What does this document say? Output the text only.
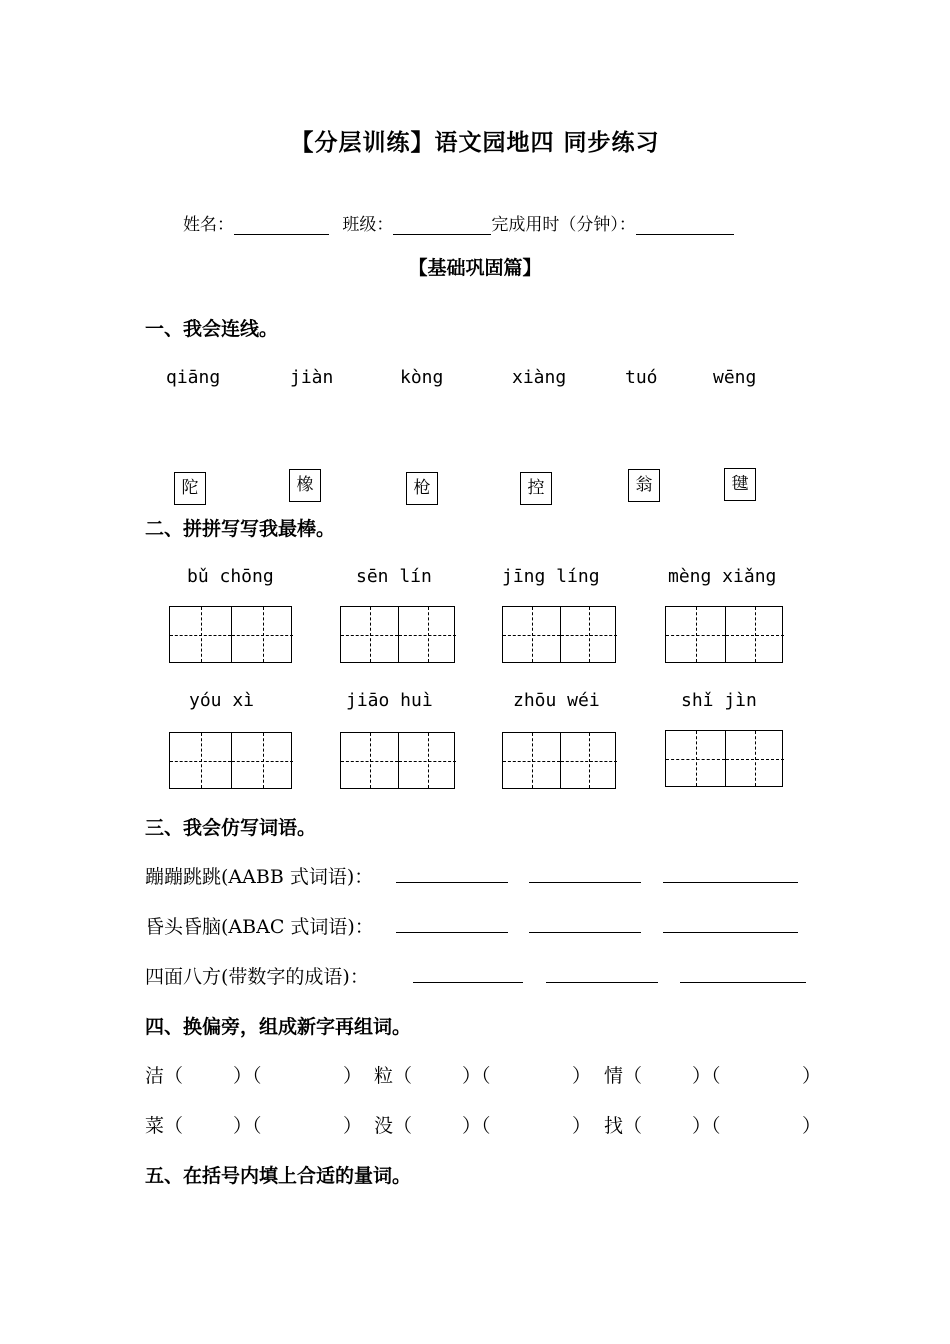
【分层训练】语文园地四 同步练习
姓名：	班级：	完成用时（分钟）：
【基础巩固篇】
一、我会连线。
qiāng	jiàn	kòng	xiàng	tuó	wēng
陀	橡	枪	控	翁	毽
二、拼拼写写我最棒。
bǔ chōng	sēn lín	jīng líng	mèng xiǎng
yóu xì	jiāo huì	zhōu wéi	shǐ jìn
三、我会仿写词语。
蹦蹦跳跳(AABB 式词语)：
昏头昏脑(ABAC 式词语)：
四面八方(带数字的成语)：
四、换偏旁，组成新字再组词。
洁（	）（	） 粒（	）（	） 情（	）（	）
菜（	）（	） 没（	）（	） 找（	）（	）
五、在括号内填上合适的量词。
